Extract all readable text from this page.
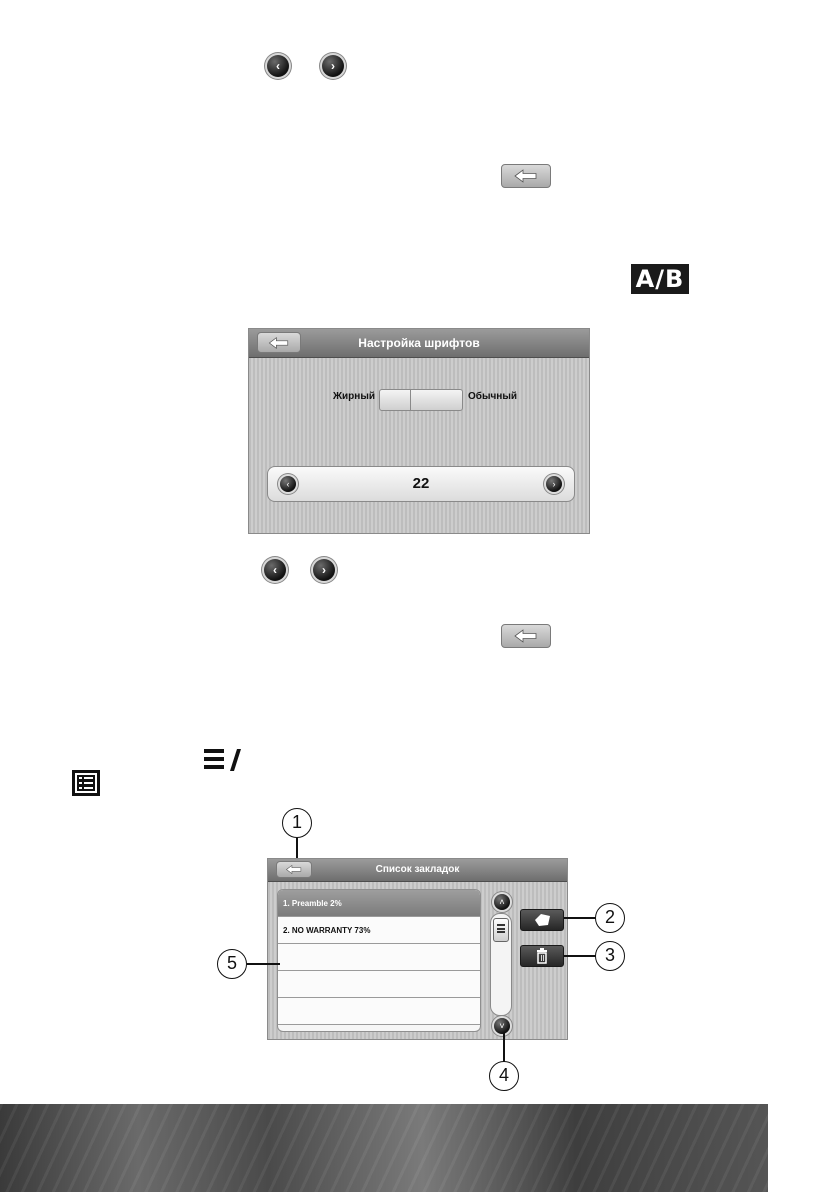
‹	›
A/B
Настройка шрифтов
Жирный	Обычный
‹	22	›
‹	›
1
Список закладок
1. Preamble 2%
2. NO WARRANTY 73%
˄
˅
2
3
4
5
